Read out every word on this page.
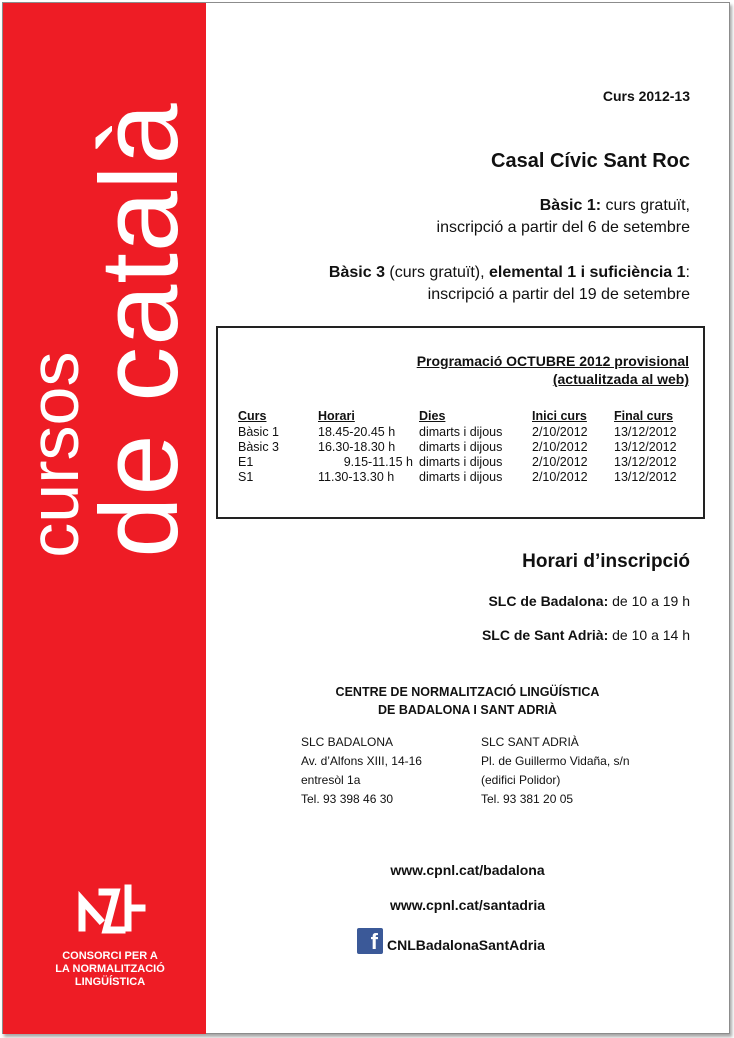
cursos
de català
CONSORCI PER A
LA NORMALITZACIÓ
LINGÜÍSTICA
Curs 2012-13
Casal Cívic Sant Roc
Bàsic 1: curs gratuït,
inscripció a partir del 6 de setembre
Bàsic 3 (curs gratuït), elemental 1 i suficiència 1:
inscripció a partir del 19 de setembre
Programació OCTUBRE 2012 provisional
(actualitzada al web)
Curs	Horari	Dies	Inici curs	Final curs
Bàsic 1	18.45-20.45 h	dimarts i dijous	2/10/2012	13/12/2012
Bàsic 3	16.30-18.30 h	dimarts i dijous	2/10/2012	13/12/2012
E1	9.15-11.15 h	dimarts i dijous	2/10/2012	13/12/2012
S1	11.30-13.30 h	dimarts i dijous	2/10/2012	13/12/2012
Horari d’inscripció
SLC de Badalona: de 10 a 19 h
SLC de Sant Adrià: de 10 a 14 h
CENTRE DE NORMALITZACIÓ LINGÜÍSTICA
DE BADALONA I SANT ADRIÀ
SLC BADALONA
Av. d’Alfons XIII, 14-16
entresòl 1a
Tel. 93 398 46 30
SLC SANT ADRIÀ
Pl. de Guillermo Vidaña, s/n
(edifici Polidor)
Tel. 93 381 20 05
www.cpnl.cat/badalona
www.cpnl.cat/santadria
f CNLBadalonaSantAdria
